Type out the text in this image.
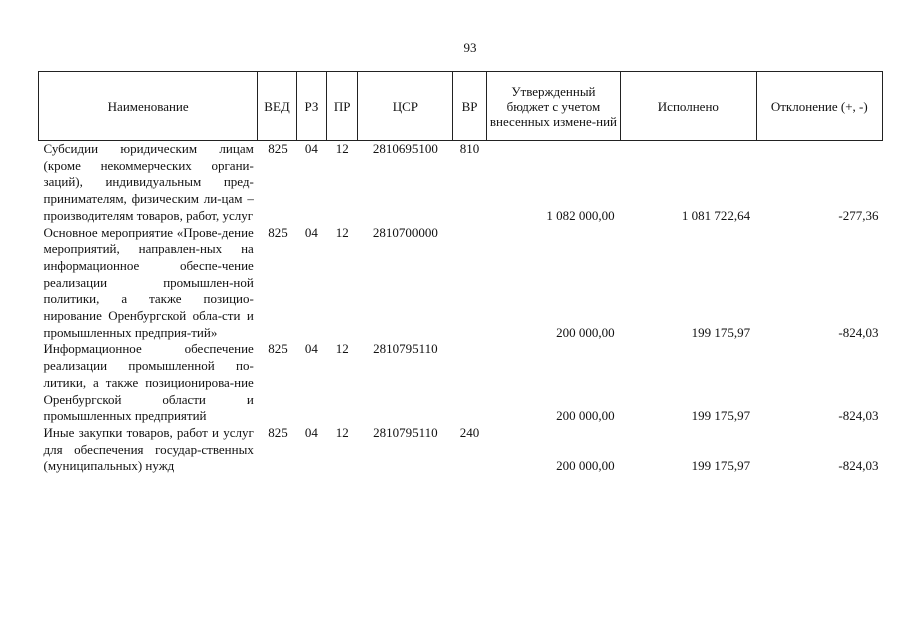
93
Наименование	ВЕД	РЗ	ПР	ЦСР	ВР	Утвержденный бюджет с учетом внесенных измене-ний	Исполнено	Отклонение (+, -)
Субсидии юридическим лицам (кроме некоммерческих органи-заций), индивидуальным пред-принимателям, физическим ли-цам – производителям товаров, работ, услуг	825	04	12	2810695100	810	1 082 000,00	1 081 722,64	-277,36
Основное мероприятие «Прове-дение мероприятий, направлен-ных на информационное обеспе-чение реализации промышлен-ной политики, а также позицио-нирование Оренбургской обла-сти и промышленных предприя-тий»	825	04	12	2810700000		200 000,00	199 175,97	-824,03
Информационное обеспечение реализации промышленной по-литики, а также позиционирова-ние Оренбургской области и промышленных предприятий	825	04	12	2810795110		200 000,00	199 175,97	-824,03
Иные закупки товаров, работ и услуг для обеспечения государ-ственных (муниципальных) нужд	825	04	12	2810795110	240	200 000,00	199 175,97	-824,03
